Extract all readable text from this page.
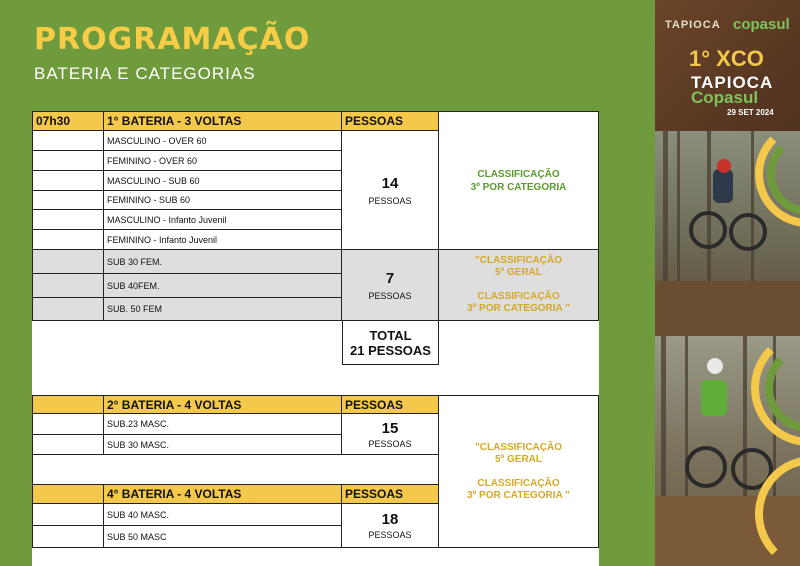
PROGRAMAÇÃO
BATERIA E CATEGORIAS
07h30	1° BATERIA - 3 VOLTAS	PESSOAS
MASCULINO - OVER 60
FEMININO - OVER 60
MASCULINO - SUB 60
FEMININO - SUB 60
MASCULINO - Infanto Juvenil
FEMININO - Infanto Juvenil
14
PESSOAS
CLASSIFICAÇÃO
3º POR CATEGORIA
SUB 30 FEM.
SUB 40FEM.
SUB. 50 FEM
7
PESSOAS
"CLASSIFICAÇÃO
5º GERAL
CLASSIFICAÇÃO
3º POR CATEGORIA "
TOTAL
21 PESSOAS
2° BATERIA - 4 VOLTAS	PESSOAS
SUB.23 MASC.
SUB 30 MASC.
15
PESSOAS
4° BATERIA - 4 VOLTAS	PESSOAS
SUB 40 MASC.
SUB 50 MASC
18
PESSOAS
"CLASSIFICAÇÃO
5º GERAL
CLASSIFICAÇÃO
3º POR CATEGORIA "
TAPIOCA copasul
1° XCO
TAPIOCA
Copasul
29 SET 2024
